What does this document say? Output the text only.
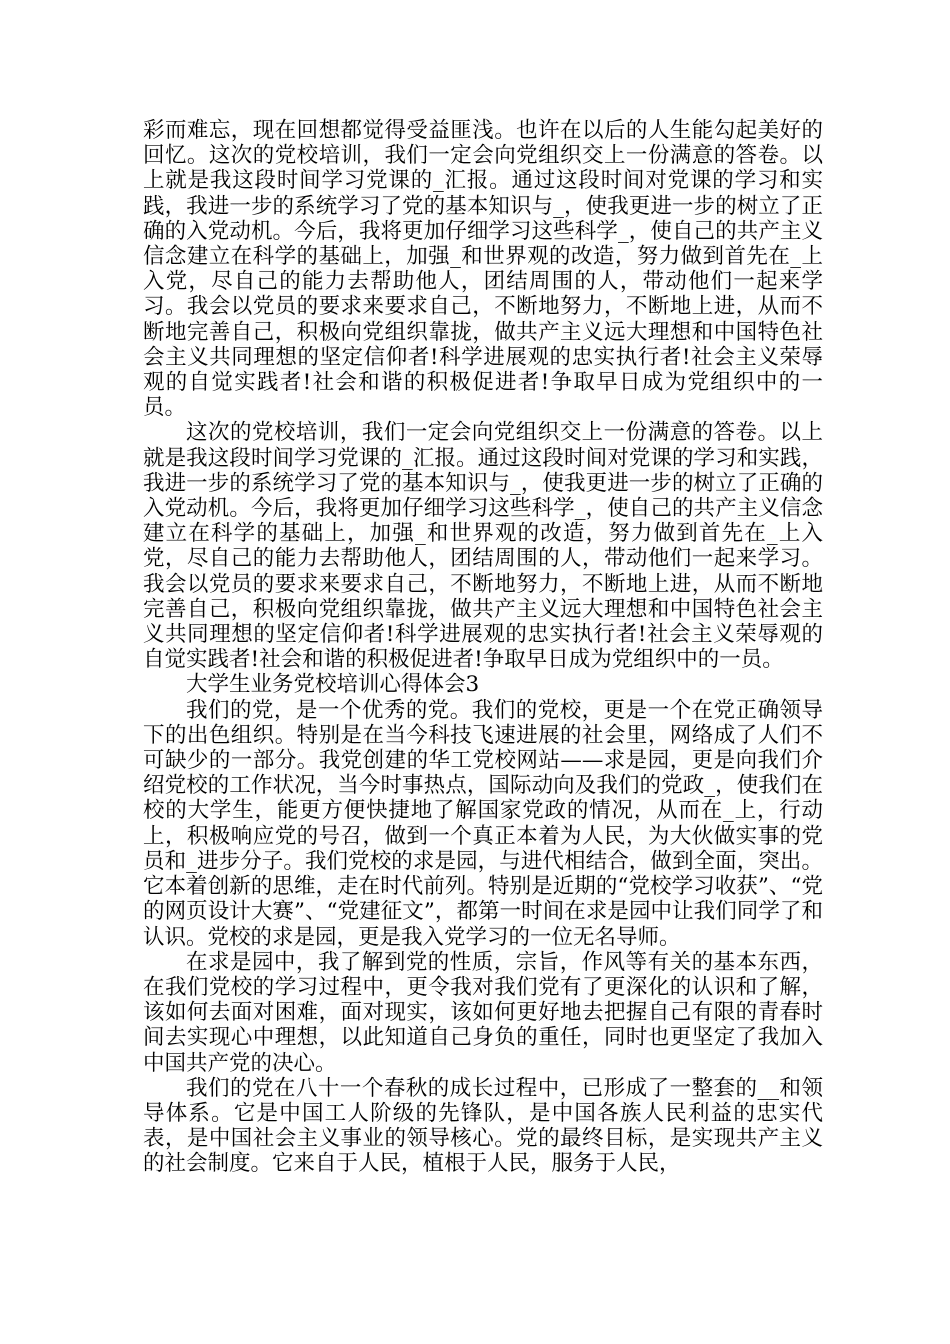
彩而难忘，现在回想都觉得受益匪浅。也许在以后的人生能勾起美好的回忆。这次的党校培训，我们一定会向党组织交上一份满意的答卷。以上就是我这段时间学习党课的_汇报。通过这段时间对党课的学习和实践，我进一步的系统学习了党的基本知识与_，使我更进一步的树立了正确的入党动机。今后，我将更加仔细学习这些科学_，使自己的共产主义信念建立在科学的基础上，加强_和世界观的改造，努力做到首先在_上入党，尽自己的能力去帮助他人，团结周围的人，带动他们一起来学习。我会以党员的要求来要求自己，不断地努力，不断地上进，从而不断地完善自己，积极向党组织靠拢，做共产主义远大理想和中国特色社会主义共同理想的坚定信仰者!科学进展观的忠实执行者!社会主义荣辱观的自觉实践者!社会和谐的积极促进者!争取早日成为党组织中的一员。

这次的党校培训，我们一定会向党组织交上一份满意的答卷。以上就是我这段时间学习党课的_汇报。通过这段时间对党课的学习和实践，我进一步的系统学习了党的基本知识与_，使我更进一步的树立了正确的入党动机。今后，我将更加仔细学习这些科学_，使自己的共产主义信念建立在科学的基础上，加强_和世界观的改造，努力做到首先在_上入党，尽自己的能力去帮助他人，团结周围的人，带动他们一起来学习。我会以党员的要求来要求自己，不断地努力，不断地上进，从而不断地完善自己，积极向党组织靠拢，做共产主义远大理想和中国特色社会主义共同理想的坚定信仰者!科学进展观的忠实执行者!社会主义荣辱观的自觉实践者!社会和谐的积极促进者!争取早日成为党组织中的一员。

大学生业务党校培训心得体会3

我们的党，是一个优秀的党。我们的党校，更是一个在党正确领导下的出色组织。特别是在当今科技飞速进展的社会里，网络成了人们不可缺少的一部分。我党创建的华工党校网站——求是园，更是向我们介绍党校的工作状况，当今时事热点，国际动向及我们的党政_，使我们在校的大学生，能更方便快捷地了解国家党政的情况，从而在_上，行动上，积极响应党的号召，做到一个真正本着为人民，为大伙做实事的党员和_进步分子。我们党校的求是园，与进代相结合，做到全面，突出。它本着创新的思维，走在时代前列。特别是近期的“党校学习收获”、“党的网页设计大赛”、“党建征文”，都第一时间在求是园中让我们同学了和认识。党校的求是园，更是我入党学习的一位无名导师。

在求是园中，我了解到党的性质，宗旨，作风等有关的基本东西，在我们党校的学习过程中，更令我对我们党有了更深化的认识和了解，该如何去面对困难，面对现实，该如何更好地去把握自己有限的青春时间去实现心中理想，以此知道自己身负的重任，同时也更坚定了我加入中国共产党的决心。

我们的党在八十一个春秋的成长过程中，已形成了一整套的__和领导体系。它是中国工人阶级的先锋队，是中国各族人民利益的忠实代表，是中国社会主义事业的领导核心。党的最终目标，是实现共产主义的社会制度。它来自于人民，植根于人民，服务于人民，
